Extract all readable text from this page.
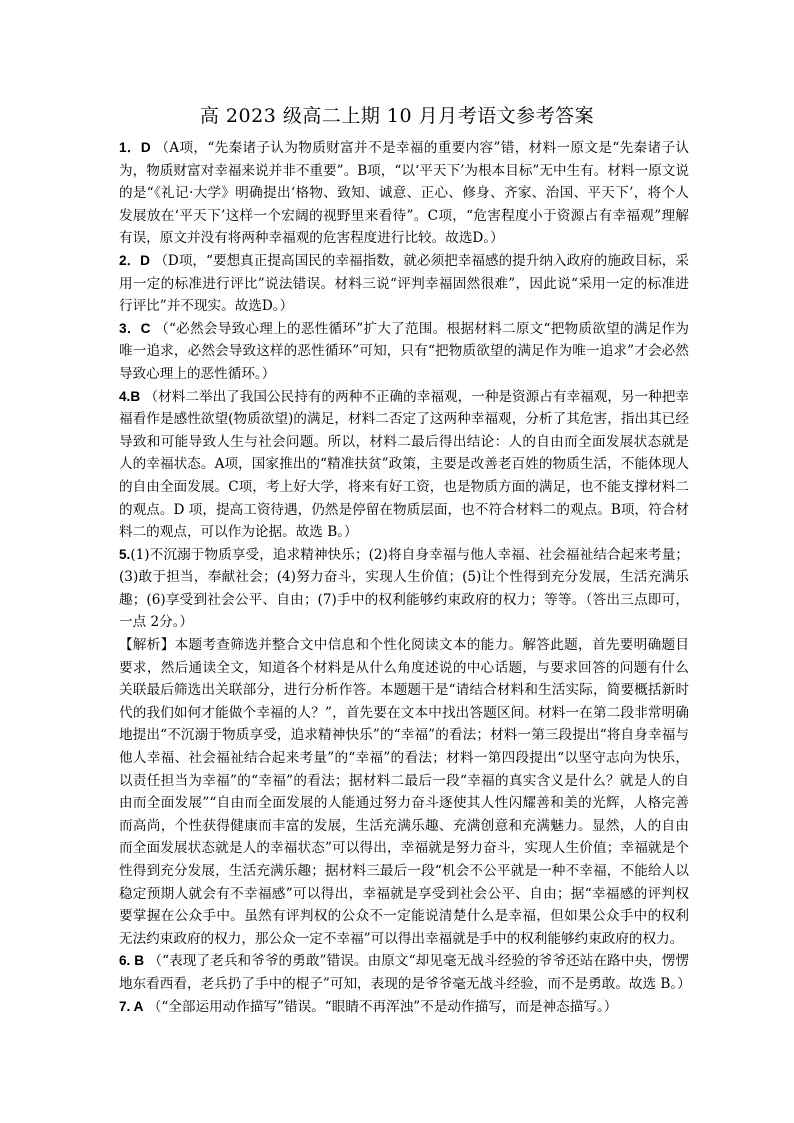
高 2023 级高二上期 10 月月考语文参考答案

1．D （A项，“先秦诸子认为物质财富并不是幸福的重要内容”错，材料一原文是“先秦诸子认为，物质财富对幸福来说并非不重要”。B项，“以‘平天下’为根本目标”无中生有。材料一原文说的是“《礼记·大学》明确提出‘格物、致知、诚意、正心、修身、齐家、治国、平天下’，将个人发展放在‘平天下’这样一个宏阔的视野里来看待”。C项，“危害程度小于资源占有幸福观”理解有误，原文并没有将两种幸福观的危害程度进行比较。故选D。）

2．D （D项，“要想真正提高国民的幸福指数，就必须把幸福感的提升纳入政府的施政目标，采用一定的标准进行评比”说法错误。材料三说“评判幸福固然很难”，因此说“采用一定的标准进行评比”并不现实。故选D。）

3．C （“必然会导致心理上的恶性循环”扩大了范围。根据材料二原文“把物质欲望的满足作为唯一追求，必然会导致这样的恶性循环”可知，只有“把物质欲望的满足作为唯一追求”才会必然导致心理上的恶性循环。）

4.B （材料二举出了我国公民持有的两种不正确的幸福观，一种是资源占有幸福观，另一种把幸福看作是感性欲望(物质欲望)的满足，材料二否定了这两种幸福观，分析了其危害，指出其已经导致和可能导致人生与社会问题。所以，材料二最后得出结论：人的自由而全面发展状态就是人的幸福状态。A项，国家推出的“精准扶贫”政策，主要是改善老百姓的物质生活，不能体现人的自由全面发展。C项，考上好大学，将来有好工资，也是物质方面的满足，也不能支撑材料二的观点。D 项，提高工资待遇，仍然是停留在物质层面，也不符合材料二的观点。B项，符合材料二的观点，可以作为论据。故选 B。）

5.(1)不沉溺于物质享受，追求精神快乐；(2)将自身幸福与他人幸福、社会福祉结合起来考量；(3)敢于担当，奉献社会；(4)努力奋斗，实现人生价值；(5)让个性得到充分发展，生活充满乐趣；(6)享受到社会公平、自由；(7)手中的权利能够约束政府的权力；等等。（答出三点即可，一点 2分。）

【解析】本题考查筛选并整合文中信息和个性化阅读文本的能力。解答此题，首先要明确题目要求，然后通读全文，知道各个材料是从什么角度述说的中心话题，与要求回答的问题有什么关联最后筛选出关联部分，进行分析作答。本题题干是“请结合材料和生活实际，简要概括新时代的我们如何才能做个幸福的人？”，首先要在文本中找出答题区间。材料一在第二段非常明确地提出“不沉溺于物质享受，追求精神快乐”的“幸福”的看法；材料一第三段提出“将自身幸福与他人幸福、社会福祉结合起来考量”的“幸福”的看法；材料一第四段提出“以坚守志向为快乐，以责任担当为幸福”的“幸福”的看法；据材料二最后一段“幸福的真实含义是什么？就是人的自由而全面发展”“自由而全面发展的人能通过努力奋斗逐使其人性闪耀善和美的光辉，人格完善而高尚，个性获得健康而丰富的发展，生活充满乐趣、充满创意和充满魅力。显然，人的自由而全面发展状态就是人的幸福状态”可以得出，幸福就是努力奋斗，实现人生价值；幸福就是个性得到充分发展，生活充满乐趣；据材料三最后一段“机会不公平就是一种不幸福，不能给人以稳定预期人就会有不幸福感”可以得出，幸福就是享受到社会公平、自由；据“幸福感的评判权要掌握在公众手中。虽然有评判权的公众不一定能说清楚什么是幸福，但如果公众手中的权利无法约束政府的权力，那公众一定不幸福”可以得出幸福就是手中的权利能够约束政府的权力。

6. B （“表现了老兵和爷爷的勇敢”错误。由原文“却见毫无战斗经验的爷爷还站在路中央，愣愣地东看西看，老兵扔了手中的棍子”可知，表现的是爷爷毫无战斗经验，而不是勇敢。故选 B。）

7. A （“全部运用动作描写”错误。“眼睛不再浑浊”不是动作描写，而是神态描写。）
